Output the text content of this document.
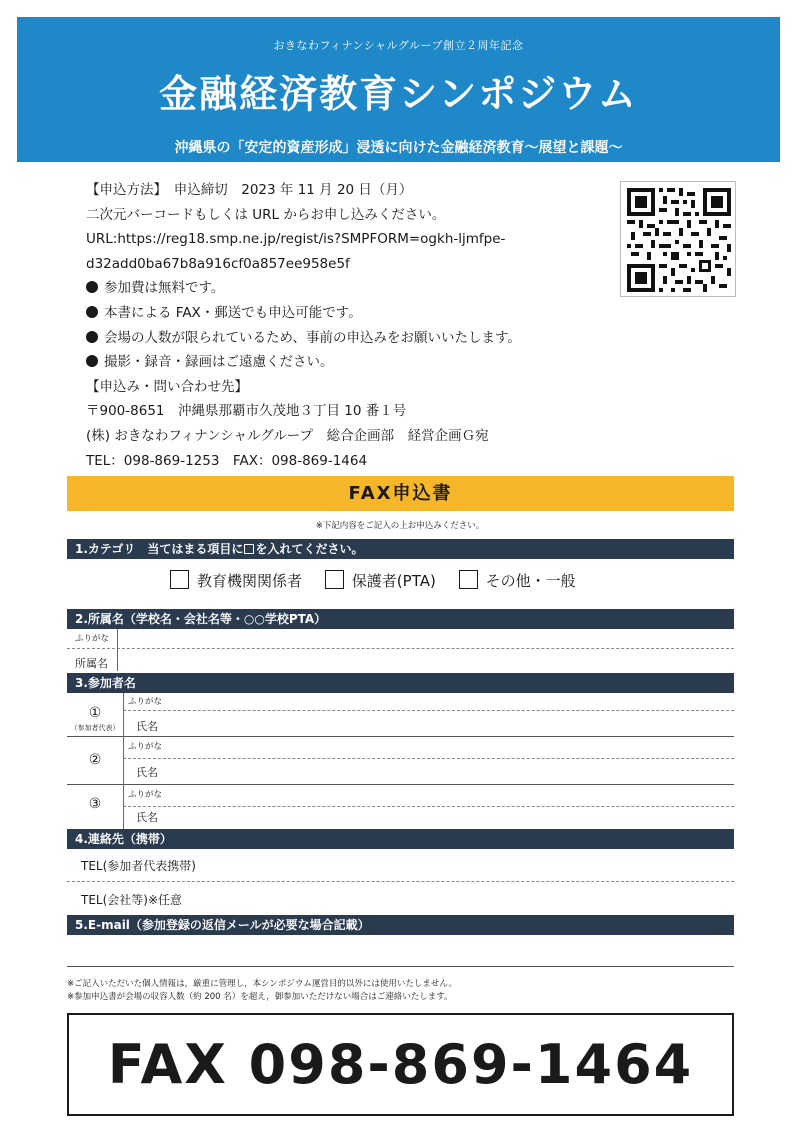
おきなわフィナンシャルグループ創立２周年記念
金融経済教育シンポジウム
沖縄県の「安定的資産形成」浸透に向けた金融経済教育～展望と課題～
【申込方法】　申込締切　2023 年 11 月 20 日（月）
二次元バーコードもしくは URL からお申し込みください。
URL:https://reg18.smp.ne.jp/regist/is?SMPFORM=ogkh-ljmfpe-
d32add0ba67b8a916cf0a857ee958e5f
参加費は無料です。
本書による FAX・郵送でも申込可能です。
会場の人数が限られているため、事前の申込みをお願いいたします。
撮影・録音・録画はご遠慮ください。
【申込み・問い合わせ先】
〒900-8651　沖縄県那覇市久茂地３丁目 10 番１号
(株) おきなわフィナンシャルグループ　総合企画部　経営企画Ｇ宛
TEL：098-869-1253　FAX：098-869-1464
FAX申込書
※下記内容をご記入の上お申込みください。
1.カテゴリ　当てはまる項目に を入れてください。
教育機関関係者	保護者(PTA)	その他・一般
2.所属名（学校名・会社名等・○○学校PTA）
ふりがな
所属名
3.参加者名
ふりがな
氏名
①
（参加者代表）
ふりがな
氏名
②
ふりがな
氏名
③
4.連絡先（携帯）
TEL(参加者代表携帯)
TEL(会社等)※任意
5.E-mail（参加登録の返信メールが必要な場合記載）
※ご記入いただいた個人情報は，厳重に管理し，本シンポジウム運営目的以外には使用いたしません。
※参加申込書が会場の収容人数（約 200 名）を超え，御参加いただけない場合はご連絡いたします。
FAX 098-869-1464
